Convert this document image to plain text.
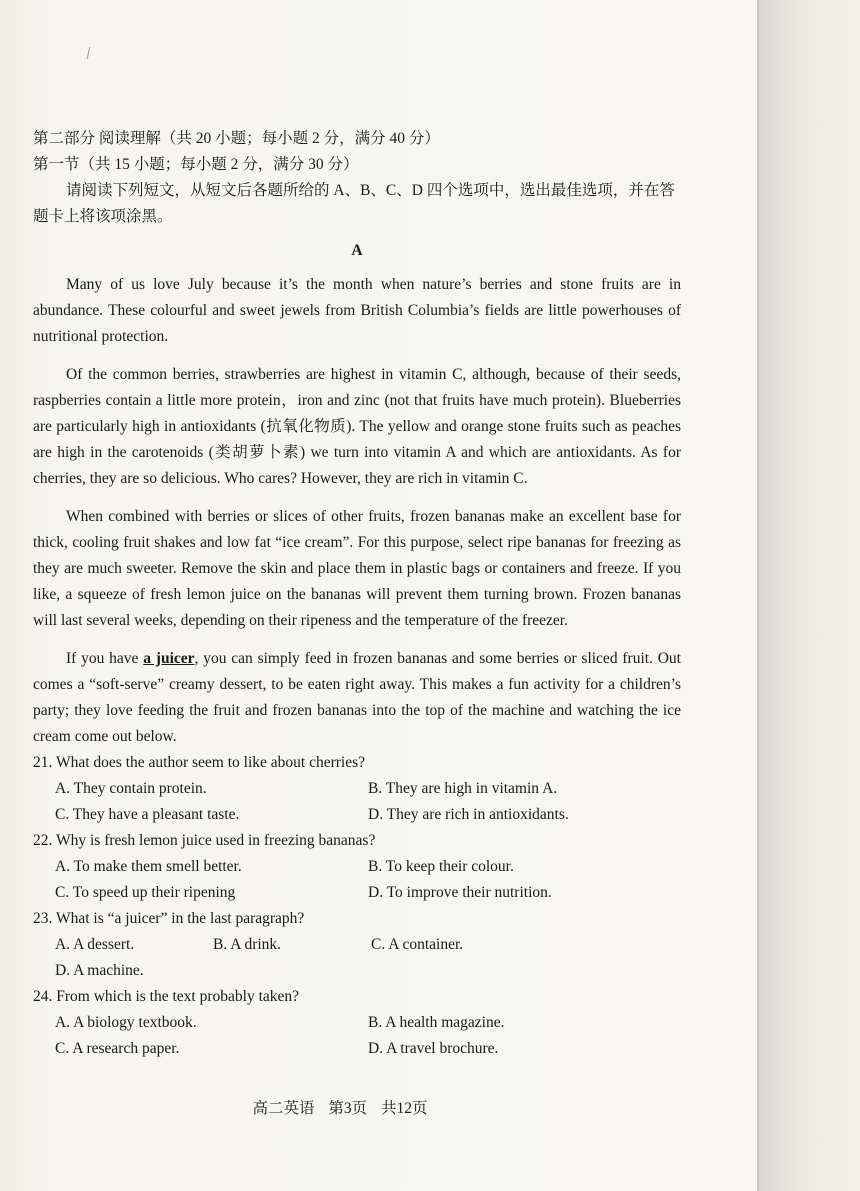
第二部分 阅读理解（共 20 小题；每小题 2 分，满分 40 分）

第一节（共 15 小题；每小题 2 分，满分 30 分）

请阅读下列短文，从短文后各题所给的 A、B、C、D 四个选项中，选出最佳选项，并在答题卡上将该项涂黑。

A

Many of us love July because it’s the month when nature’s berries and stone fruits are in abundance. These colourful and sweet jewels from British Columbia’s fields are little powerhouses of nutritional protection.

Of the common berries, strawberries are highest in vitamin C, although, because of their seeds, raspberries contain a little more protein，iron and zinc (not that fruits have much protein). Blueberries are particularly high in antioxidants (抗氧化物质). The yellow and orange stone fruits such as peaches are high in the carotenoids (类胡萝卜素) we turn into vitamin A and which are antioxidants. As for cherries, they are so delicious. Who cares? However, they are rich in vitamin C.

When combined with berries or slices of other fruits, frozen bananas make an excellent base for thick, cooling fruit shakes and low fat “ice cream”. For this purpose, select ripe bananas for freezing as they are much sweeter. Remove the skin and place them in plastic bags or containers and freeze. If you like, a squeeze of fresh lemon juice on the bananas will prevent them turning brown. Frozen bananas will last several weeks, depending on their ripeness and the temperature of the freezer.

If you have a juicer, you can simply feed in frozen bananas and some berries or sliced fruit. Out comes a “soft-serve” creamy dessert, to be eaten right away. This makes a fun activity for a children’s party; they love feeding the fruit and frozen bananas into the top of the machine and watching the ice cream come out below.

21. What does the author seem to like about cherries?

A. They contain protein.	B. They are high in vitamin A.

C. They have a pleasant taste.	D. They are rich in antioxidants.

22. Why is fresh lemon juice used in freezing bananas?

A. To make them smell better.	B. To keep their colour.

C. To speed up their ripening	D. To improve their nutrition.

23. What is “a juicer” in the last paragraph?

A. A dessert.	B. A drink.	C. A container.

D. A machine.

24. From which is the text probably taken?

A. A biology textbook.	B. A health magazine.

C. A research paper.	D. A travel brochure.

高二英语 第3页 共12页
